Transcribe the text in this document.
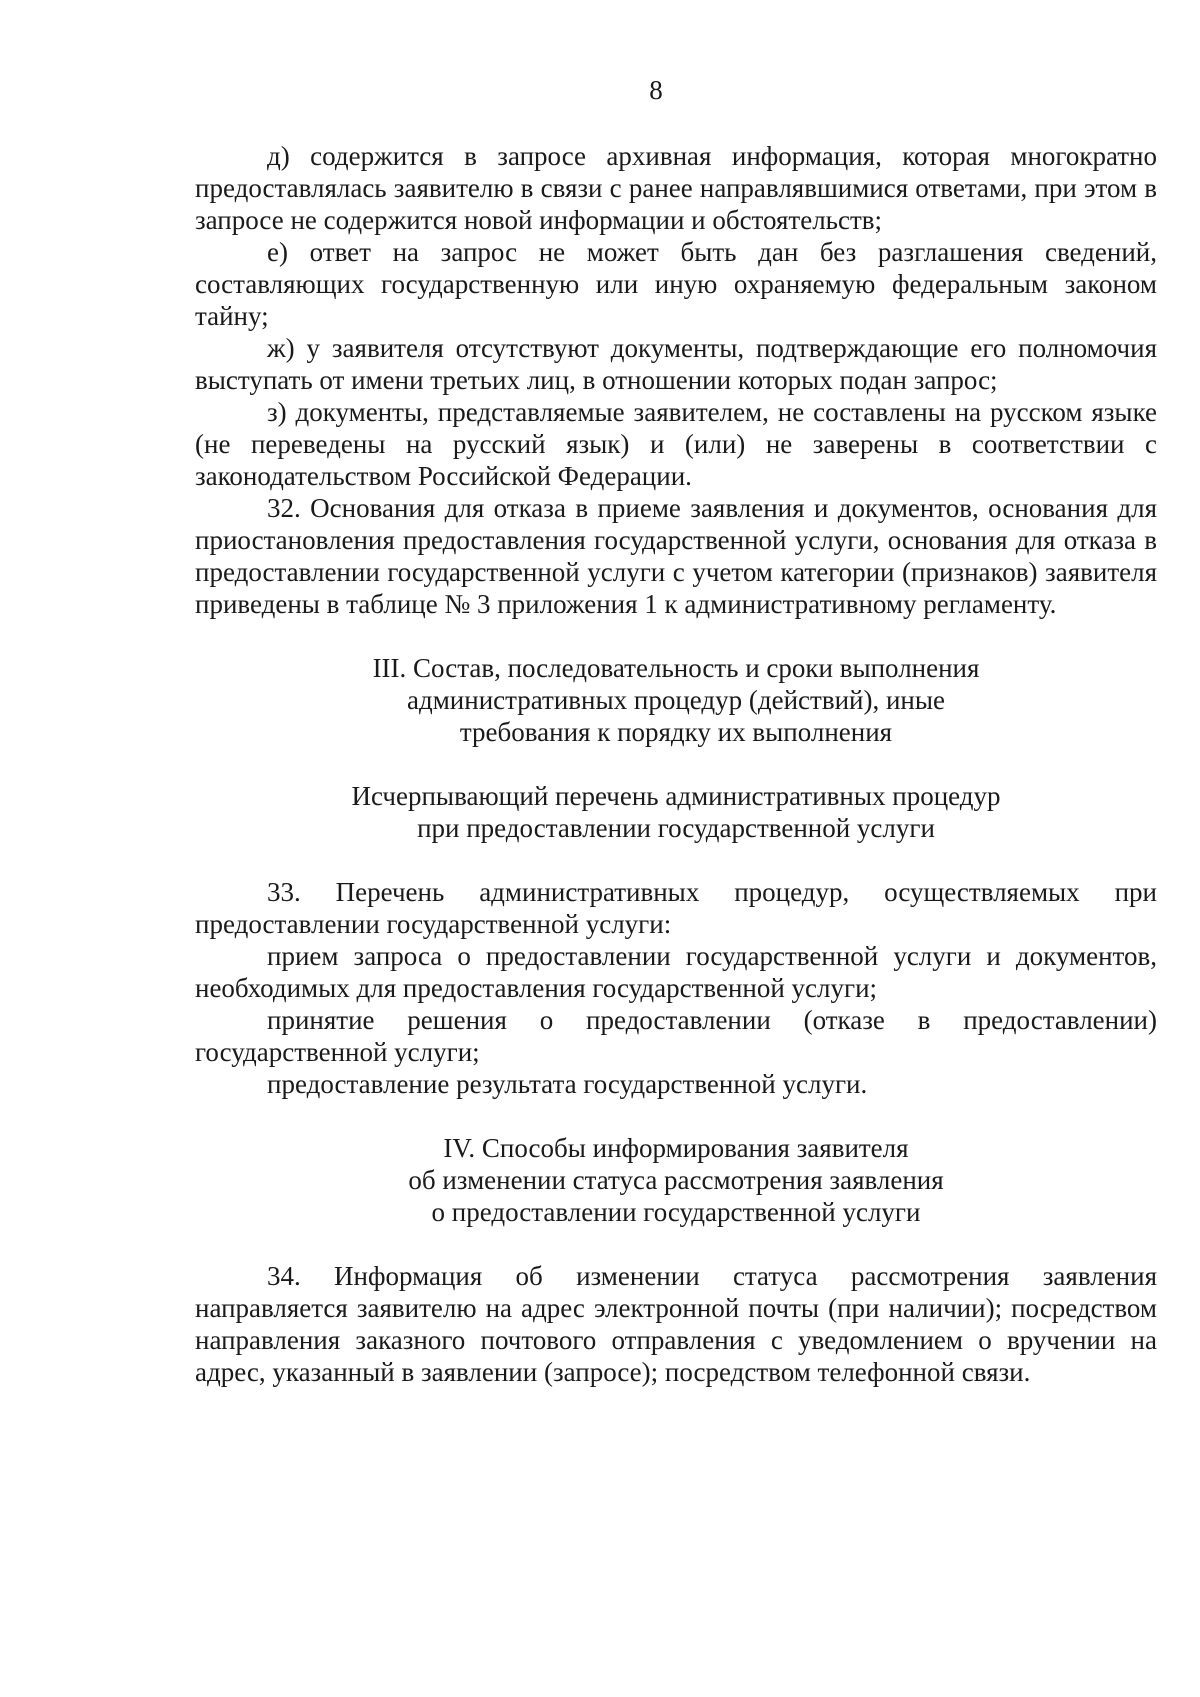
8

д) содержится в запросе архивная информация, которая многократно предоставлялась заявителю в связи с ранее направлявшимися ответами, при этом в запросе не содержится новой информации и обстоятельств;

е) ответ на запрос не может быть дан без разглашения сведений, составляющих государственную или иную охраняемую федеральным законом тайну;

ж) у заявителя отсутствуют документы, подтверждающие его полномочия выступать от имени третьих лиц, в отношении которых подан запрос;

з) документы, представляемые заявителем, не составлены на русском языке (не переведены на русский язык) и (или) не заверены в соответствии с законодательством Российской Федерации.

32. Основания для отказа в приеме заявления и документов, основания для приостановления предоставления государственной услуги, основания для отказа в предоставлении государственной услуги с учетом категории (признаков) заявителя приведены в таблице № 3 приложения 1 к административному регламенту.

III. Состав, последовательность и сроки выполнения
административных процедур (действий), иные
требования к порядку их выполнения
Исчерпывающий перечень административных процедур
при предоставлении государственной услуги

33. Перечень административных процедур, осуществляемых при предоставлении государственной услуги:

прием запроса о предоставлении государственной услуги и документов, необходимых для предоставления государственной услуги;

принятие решения о предоставлении (отказе в предоставлении) государственной услуги;

предоставление результата государственной услуги.

IV. Способы информирования заявителя
об изменении статуса рассмотрения заявления
о предоставлении государственной услуги

34. Информация об изменении статуса рассмотрения заявления направляется заявителю на адрес электронной почты (при наличии); посредством направления заказного почтового отправления с уведомлением о вручении на адрес, указанный в заявлении (запросе); посредством телефонной связи.
